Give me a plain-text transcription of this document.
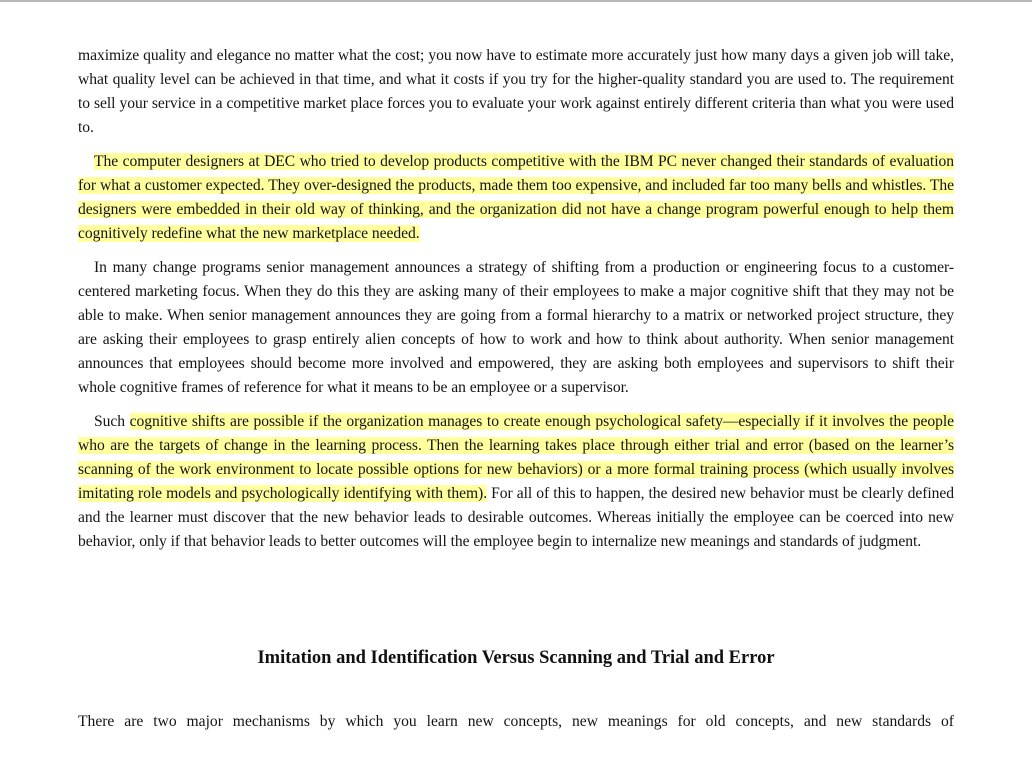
maximize quality and elegance no matter what the cost; you now have to estimate more accurately just how many days a given job will take, what quality level can be achieved in that time, and what it costs if you try for the higher-quality standard you are used to. The requirement to sell your service in a competitive market place forces you to evaluate your work against entirely different criteria than what you were used to.

The computer designers at DEC who tried to develop products competitive with the IBM PC never changed their standards of evaluation for what a customer expected. They over-designed the products, made them too expensive, and included far too many bells and whistles. The designers were embedded in their old way of thinking, and the organization did not have a change program powerful enough to help them cognitively redefine what the new marketplace needed.

In many change programs senior management announces a strategy of shifting from a production or engineering focus to a customer-centered marketing focus. When they do this they are asking many of their employees to make a major cognitive shift that they may not be able to make. When senior management announces they are going from a formal hierarchy to a matrix or networked project structure, they are asking their employees to grasp entirely alien concepts of how to work and how to think about authority. When senior management announces that employees should become more involved and empowered, they are asking both employees and supervisors to shift their whole cognitive frames of reference for what it means to be an employee or a supervisor.

Such cognitive shifts are possible if the organization manages to create enough psychological safety—especially if it involves the people who are the targets of change in the learning process. Then the learning takes place through either trial and error (based on the learner’s scanning of the work environment to locate possible options for new behaviors) or a more formal training process (which usually involves imitating role models and psychologically identifying with them). For all of this to happen, the desired new behavior must be clearly defined and the learner must discover that the new behavior leads to desirable outcomes. Whereas initially the employee can be coerced into new behavior, only if that behavior leads to better outcomes will the employee begin to internalize new meanings and standards of judgment.

Imitation and Identification Versus Scanning and Trial and Error

There are two major mechanisms by which you learn new concepts, new meanings for old concepts, and new standards of
